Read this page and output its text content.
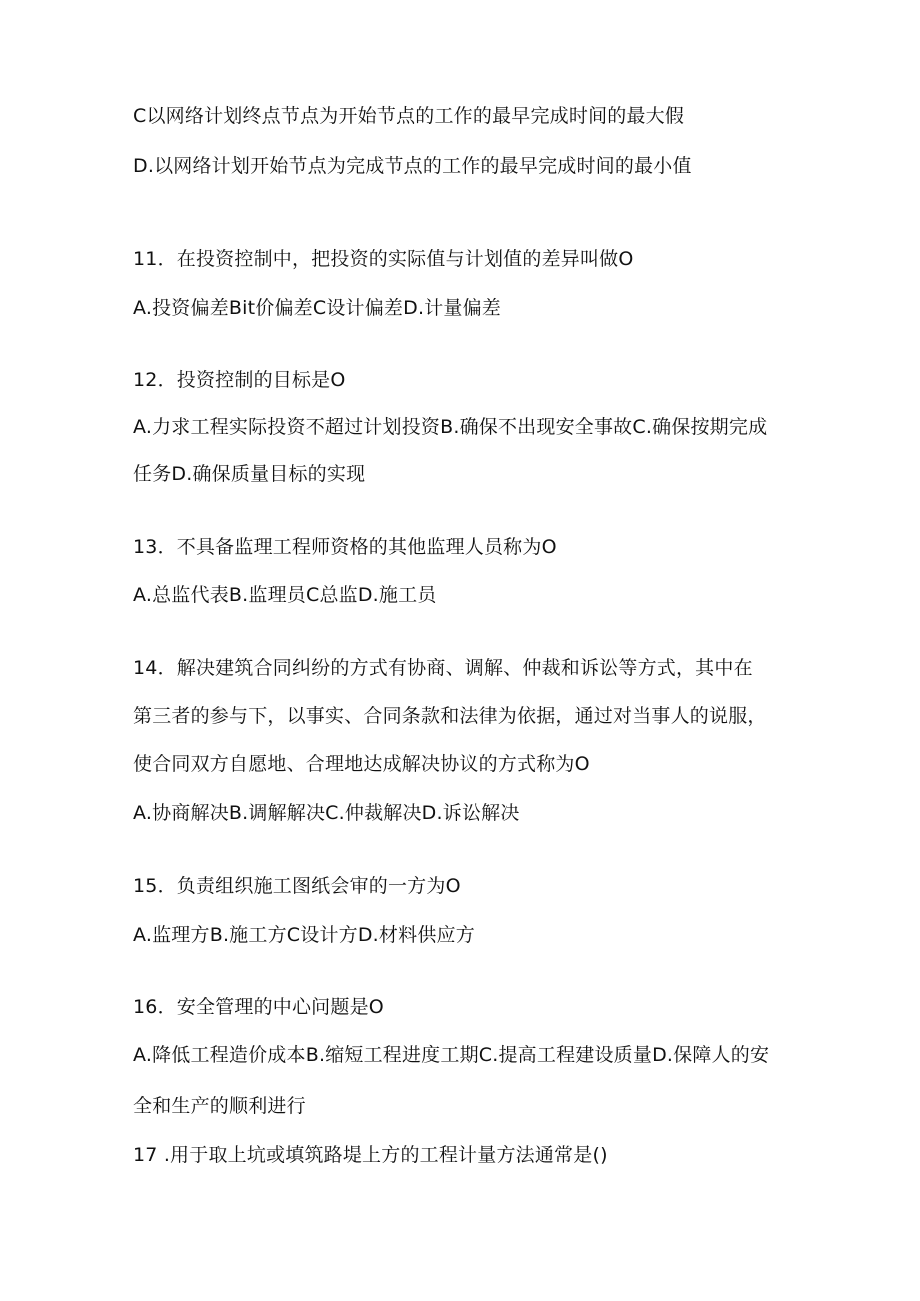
C以网络计划终点节点为开始节点的工作的最早完成时间的最大假
D.以网络计划开始节点为完成节点的工作的最早完成时间的最小值
11．在投资控制中，把投资的实际值与计划值的差异叫做O
A.投资偏差Bit价偏差C设计偏差D.计量偏差
12．投资控制的目标是O
A.力求工程实际投资不超过计划投资B.确保不出现安全事故C.确保按期完成
任务D.确保质量目标的实现
13．不具备监理工程师资格的其他监理人员称为O
A.总监代表B.监理员C总监D.施工员
14．解决建筑合同纠纷的方式有协商、调解、仲裁和诉讼等方式，其中在
第三者的参与下，以事实、合同条款和法律为依据，通过对当事人的说服，
使合同双方自愿地、合理地达成解决协议的方式称为O
A.协商解决B.调解解决C.仲裁解决D.诉讼解决
15．负责组织施工图纸会审的一方为O
A.监理方B.施工方C设计方D.材料供应方
16．安全管理的中心问题是O
A.降低工程造价成本B.缩短工程进度工期C.提高工程建设质量D.保障人的安
全和生产的顺利进行
17 .用于取上坑或填筑路堤上方的工程计量方法通常是()
